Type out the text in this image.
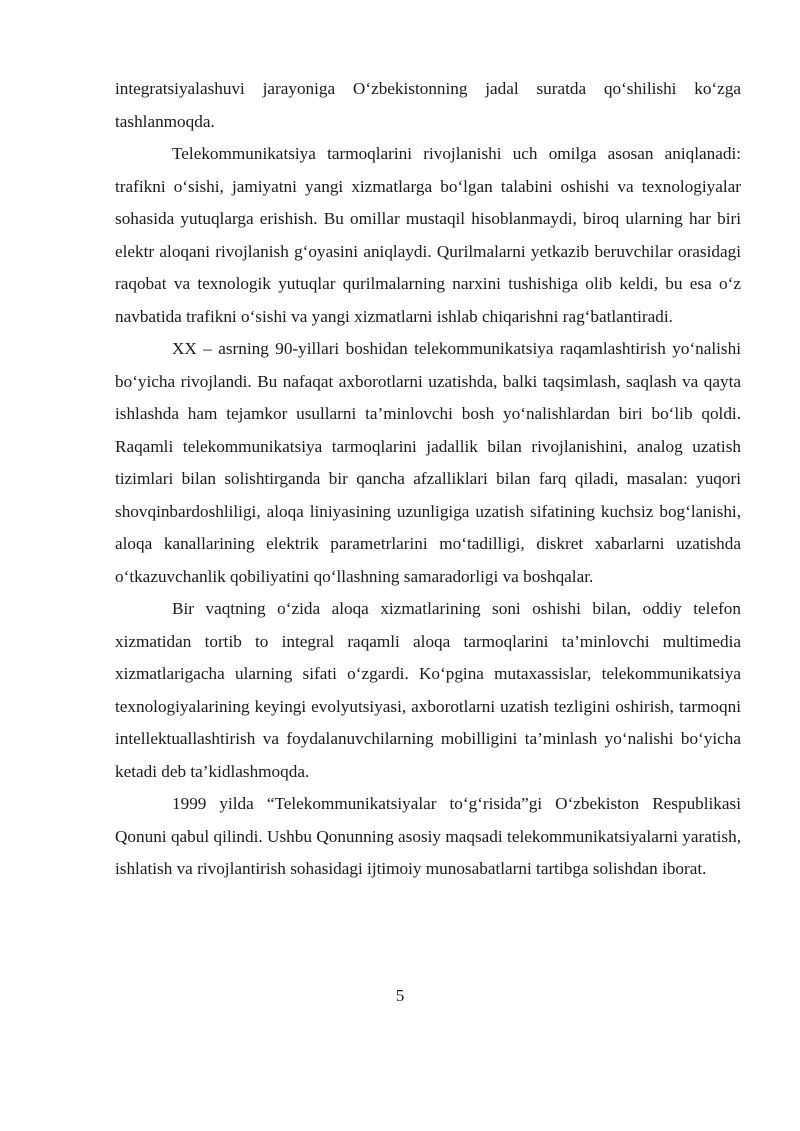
integratsiyalashuvi jarayoniga O‘zbekistonning jadal suratda qo‘shilishi ko‘zga tashlanmoqda.

Telekommunikatsiya tarmoqlarini rivojlanishi uch omilga asosan aniqlanadi: trafikni o‘sishi, jamiyatni yangi xizmatlarga bo‘lgan talabini oshishi va texnologiyalar sohasida yutuqlarga erishish. Bu omillar mustaqil hisoblanmaydi, biroq ularning har biri elektr aloqani rivojlanish g‘oyasini aniqlaydi. Qurilmalarni yetkazib beruvchilar orasidagi raqobat va texnologik yutuqlar qurilmalarning narxini tushishiga olib keldi, bu esa o‘z navbatida trafikni o‘sishi va yangi xizmatlarni ishlab chiqarishni rag‘batlantiradi.

XX – asrning 90-yillari boshidan telekommunikatsiya raqamlashtirish yo‘nalishi bo‘yicha rivojlandi. Bu nafaqat axborotlarni uzatishda, balki taqsimlash, saqlash va qayta ishlashda ham tejamkor usullarni ta’minlovchi bosh yo‘nalishlardan biri bo‘lib qoldi. Raqamli telekommunikatsiya tarmoqlarini jadallik bilan rivojlanishini, analog uzatish tizimlari bilan solishtirganda bir qancha afzalliklari bilan farq qiladi, masalan: yuqori shovqinbardoshliligi, aloqa liniyasining uzunligiga uzatish sifatining kuchsiz bog‘lanishi, aloqa kanallarining elektrik parametrlarini mo‘tadilligi, diskret xabarlarni uzatishda o‘tkazuvchanlik qobiliyatini qo‘llashning samaradorligi va boshqalar.

Bir vaqtning o‘zida aloqa xizmatlarining soni oshishi bilan, oddiy telefon xizmatidan tortib to integral raqamli aloqa tarmoqlarini ta’minlovchi multimedia xizmatlarigacha ularning sifati o‘zgardi. Ko‘pgina mutaxassislar, telekommunikatsiya texnologiyalarining keyingi evolyutsiyasi, axborotlarni uzatish tezligini oshirish, tarmoqni intellektuallashtirish va foydalanuvchilarning mobilligini ta’minlash yo‘nalishi bo‘yicha ketadi deb ta’kidlashmoqda.

1999 yilda “Telekommunikatsiyalar to‘g‘risida”gi O‘zbekiston Respublikasi Qonuni qabul qilindi. Ushbu Qonunning asosiy maqsadi telekommunikatsiyalarni yaratish, ishlatish va rivojlantirish sohasidagi ijtimoiy munosabatlarni tartibga solishdan iborat.

5
